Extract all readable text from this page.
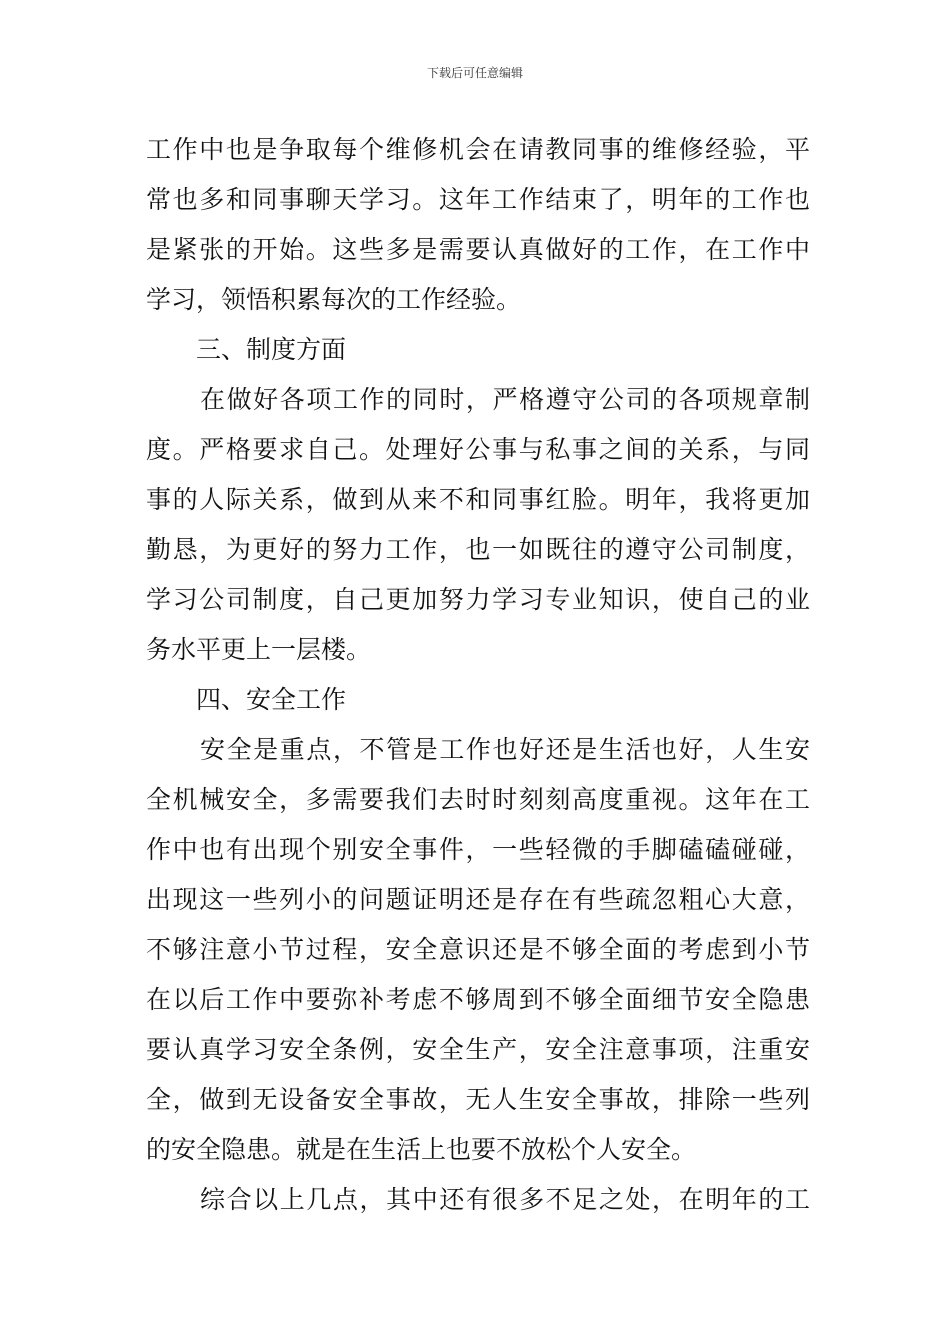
下载后可任意编辑
工作中也是争取每个维修机会在请教同事的维修经验，平
常也多和同事聊天学习。这年工作结束了，明年的工作也
是紧张的开始。这些多是需要认真做好的工作，在工作中
学习，领悟积累每次的工作经验。
三、制度方面
在做好各项工作的同时，严格遵守公司的各项规章制
度。严格要求自己。处理好公事与私事之间的关系，与同
事的人际关系，做到从来不和同事红脸。明年，我将更加
勤恳，为更好的努力工作，也一如既往的遵守公司制度，
学习公司制度，自己更加努力学习专业知识，使自己的业
务水平更上一层楼。
四、安全工作
安全是重点，不管是工作也好还是生活也好，人生安
全机械安全，多需要我们去时时刻刻高度重视。这年在工
作中也有出现个别安全事件，一些轻微的手脚磕磕碰碰，
出现这一些列小的问题证明还是存在有些疏忽粗心大意，
不够注意小节过程，安全意识还是不够全面的考虑到小节
在以后工作中要弥补考虑不够周到不够全面细节安全隐患
要认真学习安全条例，安全生产，安全注意事项，注重安
全，做到无设备安全事故，无人生安全事故，排除一些列
的安全隐患。就是在生活上也要不放松个人安全。
综合以上几点，其中还有很多不足之处，在明年的工
